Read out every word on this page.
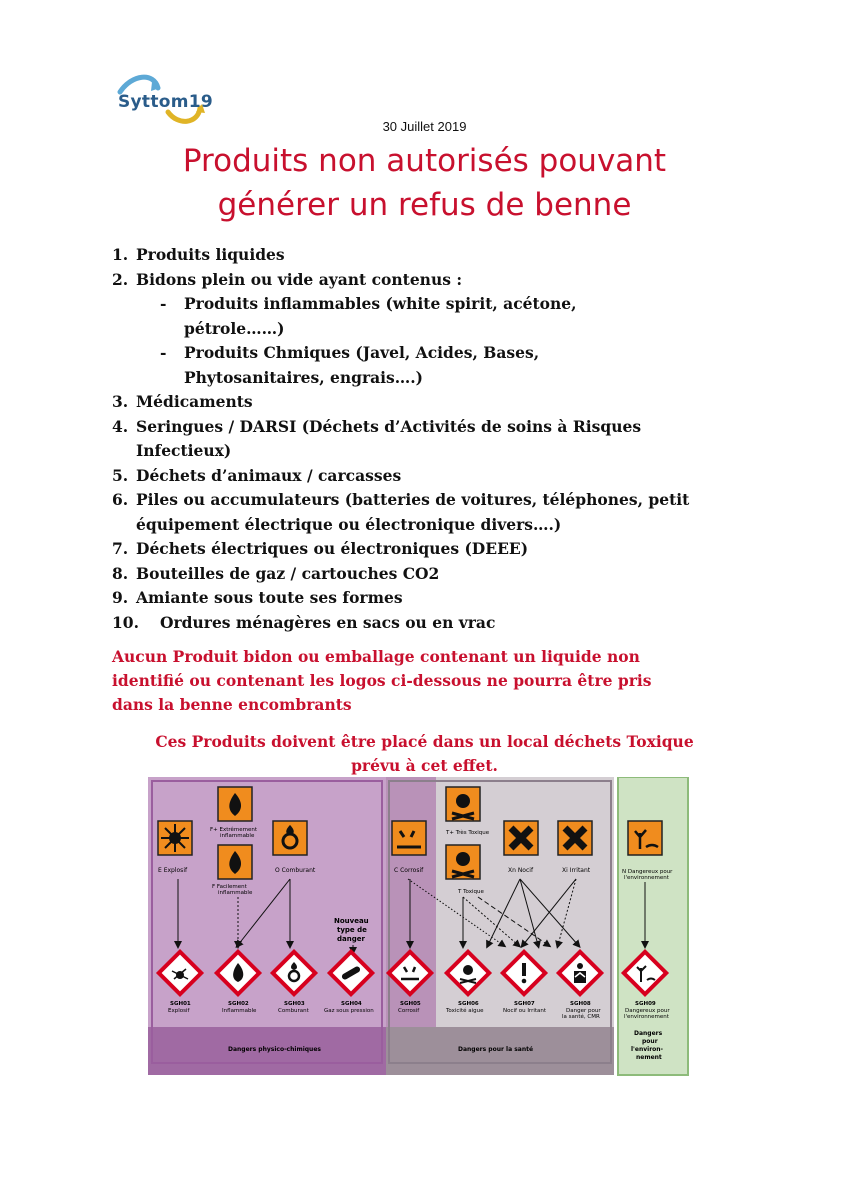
Syttom19
30 Juillet 2019
Produits non autorisés pouvant
générer un refus de benne
1. Produits liquides
2. Bidons plein ou vide ayant contenus :
-	Produits inflammables (white spirit, acétone,
pétrole……)
-	Produits Chmiques (Javel, Acides, Bases,
Phytosanitaires, engrais….)
3. Médicaments
4. Seringues / DARSI (Déchets d’Activités de soins à Risques
Infectieux)
5. Déchets d’animaux / carcasses
6. Piles ou accumulateurs (batteries de voitures, téléphones, petit
équipement électrique ou électronique divers….)
7. Déchets électriques ou électroniques (DEEE)
8. Bouteilles de gaz / cartouches CO2
9. Amiante sous toute ses formes
10.	Ordures ménagères en sacs ou en vrac
Aucun Produit bidon ou emballage contenant un liquide non
identifié ou contenant les logos ci-dessous ne pourra être pris
dans la benne encombrants
Ces Produits doivent être placé dans un local déchets Toxique
prévu à cet effet.
E Explosif
F+ Extrêmement
inflammable
F Facilement
inflammable
O Comburant	C Corrosif
T+ Très Toxique
T Toxique
Xn Nocif	Xi Irritant	N Dangereux pour
l'environnement
Nouveau
type de
danger
SGH01	SGH02	SGH03	SGH04	SGH05	SGH06	SGH07	SGH08	SGH09
Explosif	Inflammable	Comburant	Gaz sous pression	Corrosif	Toxicité aigue	Nocif ou Irritant	Danger pour
la santé, CMR
Dangereux pour
l'environnement
Dangers physico-chimiques	Dangers pour la santé
Dangers
pour
l'environ-
nement
